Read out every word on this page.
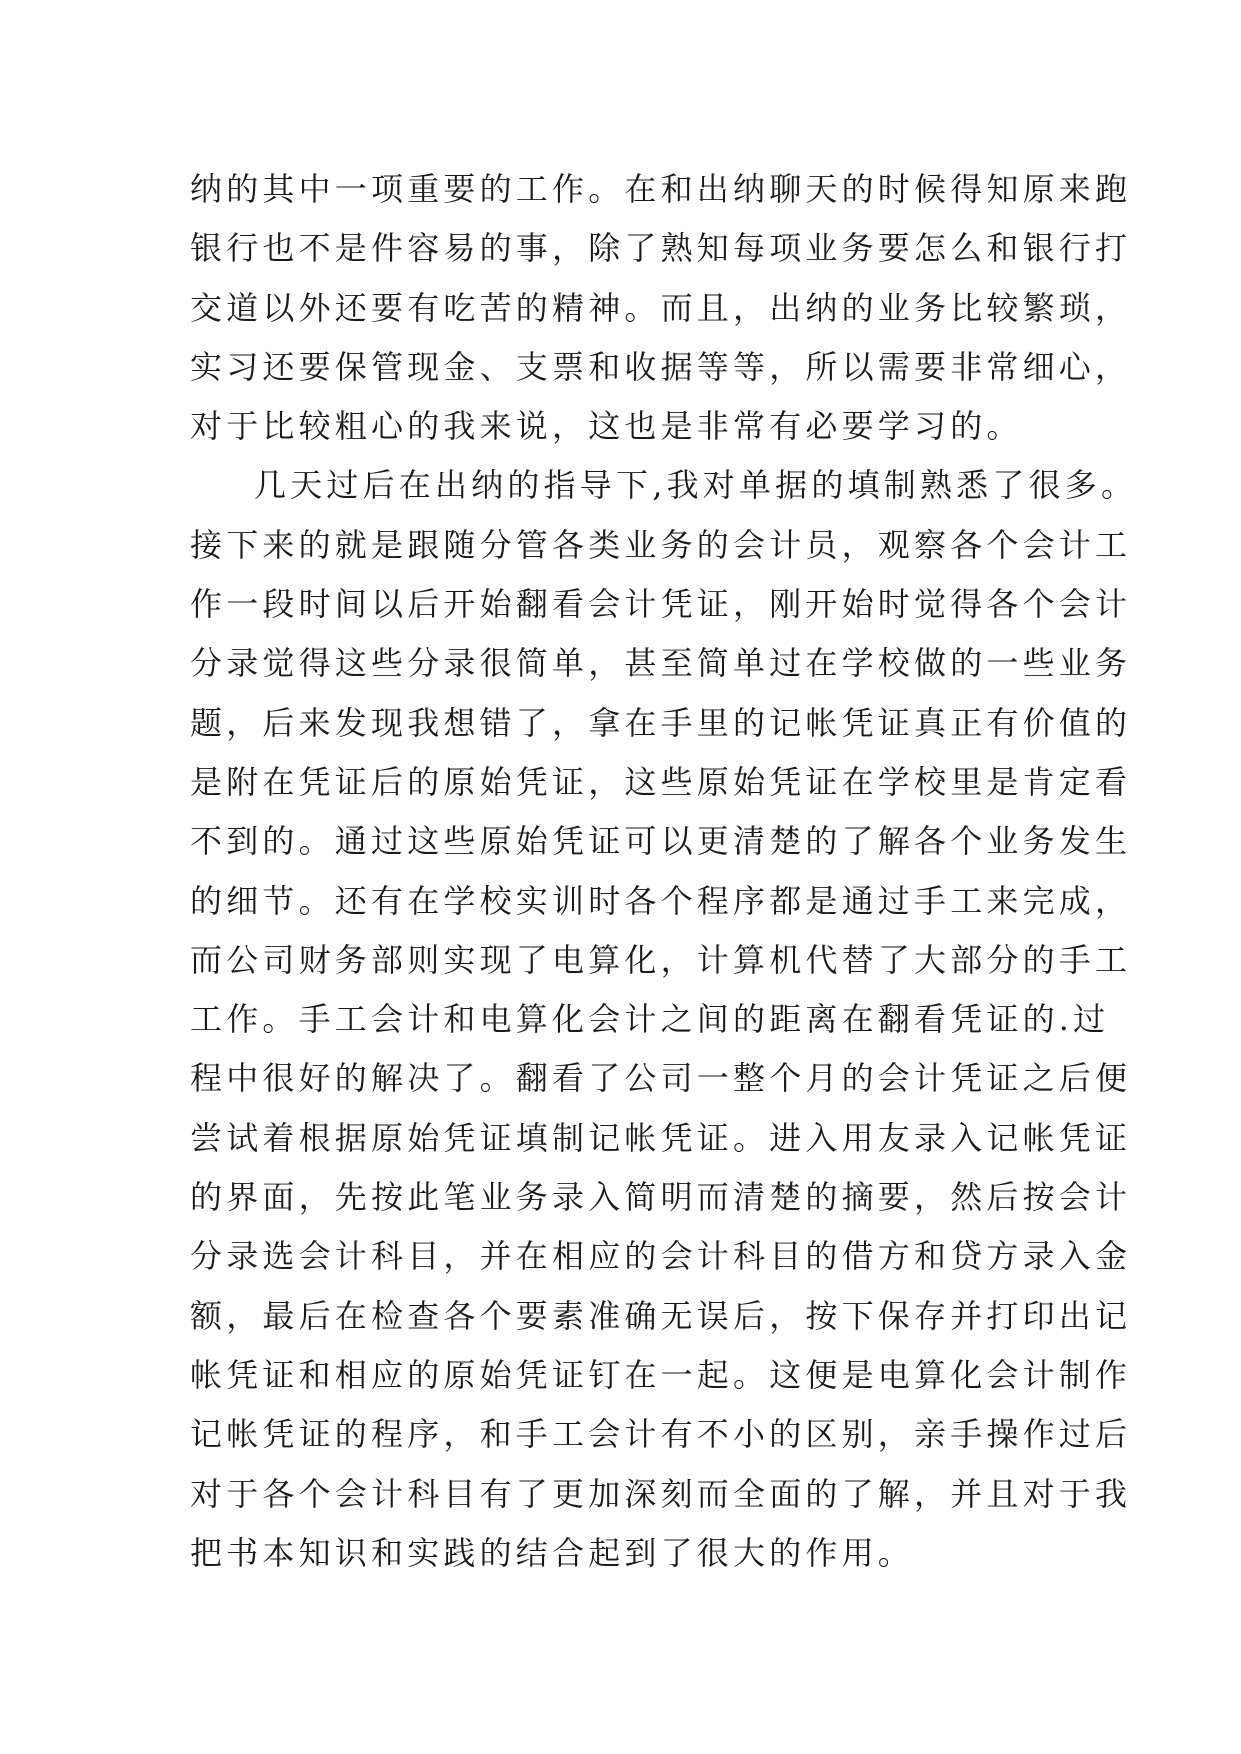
纳的其中一项重要的工作。在和出纳聊天的时候得知原来跑
银行也不是件容易的事，除了熟知每项业务要怎么和银行打
交道以外还要有吃苦的精神。而且，出纳的业务比较繁琐，
实习还要保管现金、支票和收据等等，所以需要非常细心，
对于比较粗心的我来说，这也是非常有必要学习的。
几天过后在出纳的指导下,我对单据的填制熟悉了很多。
接下来的就是跟随分管各类业务的会计员，观察各个会计工
作一段时间以后开始翻看会计凭证，刚开始时觉得各个会计
分录觉得这些分录很简单，甚至简单过在学校做的一些业务
题，后来发现我想错了，拿在手里的记帐凭证真正有价值的
是附在凭证后的原始凭证，这些原始凭证在学校里是肯定看
不到的。通过这些原始凭证可以更清楚的了解各个业务发生
的细节。还有在学校实训时各个程序都是通过手工来完成，
而公司财务部则实现了电算化，计算机代替了大部分的手工
工作。手工会计和电算化会计之间的距离在翻看凭证的.过
程中很好的解决了。翻看了公司一整个月的会计凭证之后便
尝试着根据原始凭证填制记帐凭证。进入用友录入记帐凭证
的界面，先按此笔业务录入简明而清楚的摘要，然后按会计
分录选会计科目，并在相应的会计科目的借方和贷方录入金
额，最后在检查各个要素准确无误后，按下保存并打印出记
帐凭证和相应的原始凭证钉在一起。这便是电算化会计制作
记帐凭证的程序，和手工会计有不小的区别，亲手操作过后
对于各个会计科目有了更加深刻而全面的了解，并且对于我
把书本知识和实践的结合起到了很大的作用。
